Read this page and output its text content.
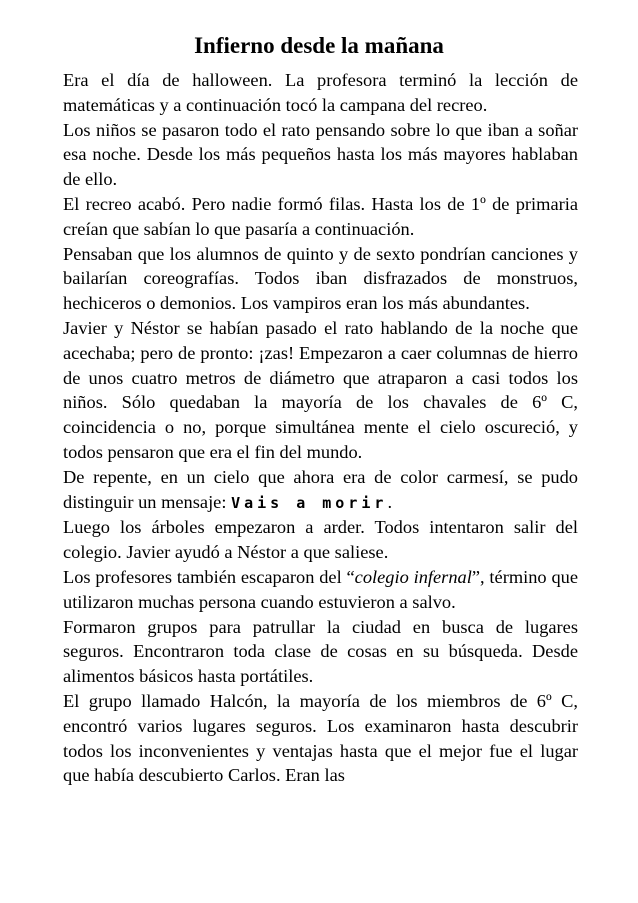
Infierno desde la mañana

Era el día de halloween. La profesora terminó la lección de matemáticas y a continuación tocó la campana del recreo.

Los niños se pasaron todo el rato pensando sobre lo que iban a soñar esa noche. Desde los más pequeños hasta los más mayores hablaban de ello.

El recreo acabó. Pero nadie formó filas. Hasta los de 1º de primaria creían que sabían lo que pasaría a continuación.

Pensaban que los alumnos de quinto y de sexto pondrían canciones y bailarían coreografías. Todos iban disfrazados de monstruos, hechiceros o demonios. Los vampiros eran los más abundantes.

Javier y Néstor se habían pasado el rato hablando de la noche que acechaba; pero de pronto: ¡zas! Empezaron a caer columnas de hierro de unos cuatro metros de diámetro que atraparon a casi todos los niños. Sólo quedaban la mayoría de los chavales de 6º C, coincidencia o no, porque simultánea mente el cielo oscureció, y todos pensaron que era el fin del mundo.

De repente, en un cielo que ahora era de color carmesí, se pudo distinguir un mensaje: Vais a morir.

Luego los árboles empezaron a arder. Todos intentaron salir del colegio. Javier ayudó a Néstor a que saliese.

Los profesores también escaparon del “colegio infernal”, término que utilizaron muchas persona cuando estuvieron a salvo.

Formaron grupos para patrullar la ciudad en busca de lugares seguros. Encontraron toda clase de cosas en su búsqueda. Desde alimentos básicos hasta portátiles.

El grupo llamado Halcón, la mayoría de los miembros de 6º C, encontró varios lugares seguros. Los examinaron hasta descubrir todos los inconvenientes y ventajas hasta que el mejor fue el lugar que había descubierto Carlos. Eran las
